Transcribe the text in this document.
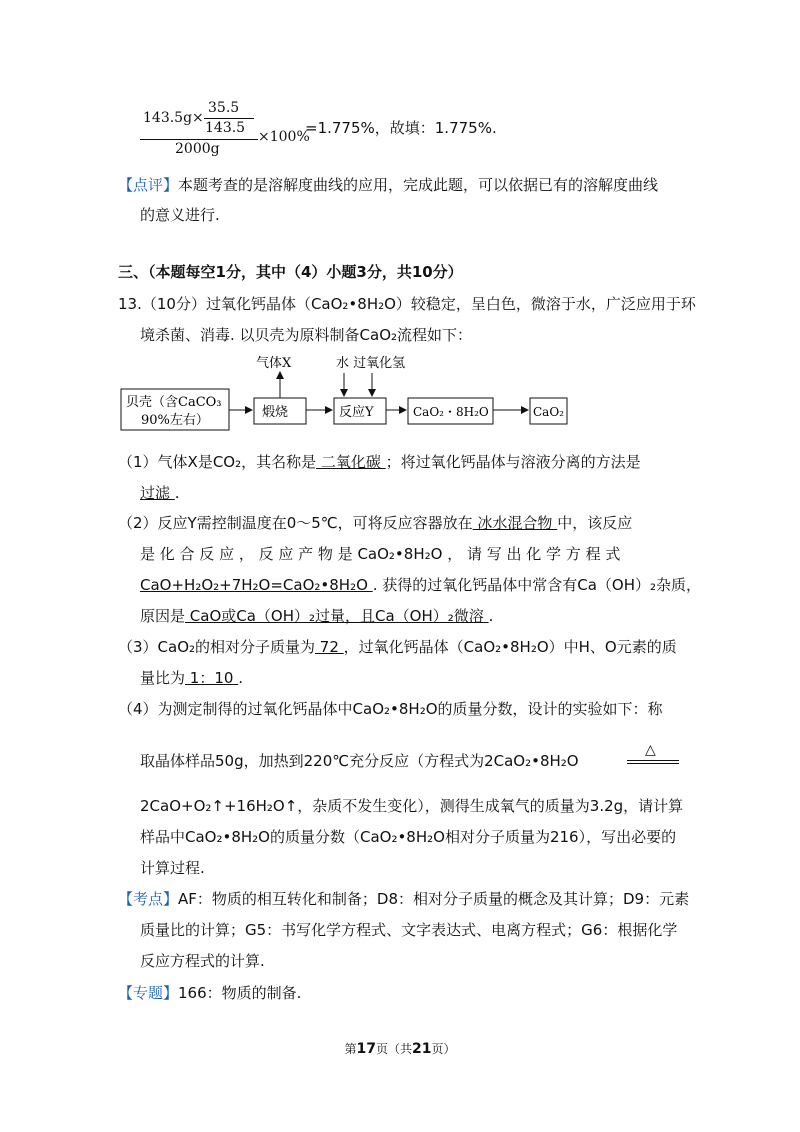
143.5g×
35.5
143.5
2000g
×100%
=1.775%，故填：1.775%.
【点评】本题考查的是溶解度曲线的应用，完成此题，可以依据已有的溶解度曲线
的意义进行.
三、（本题每空1分，其中（4）小题3分，共10分）
13.（10分）过氧化钙晶体（CaO₂•8H₂O）较稳定，呈白色，微溶于水，广泛应用于环
境杀菌、消毒. 以贝壳为原料制备CaO₂流程如下：
贝壳（含CaCO₃
90%左右）
煅烧
气体X
反应Y
水 过氧化氢
CaO₂・8H₂O	CaO₂
（1）气体X是CO₂，其名称是 二氧化碳 ；将过氧化钙晶体与溶液分离的方法是
过滤 .
（2）反应Y需控制温度在0～5℃，可将反应容器放在 冰水混合物 中，该反应
是 化 合 反 应 ， 反 应 产 物 是 CaO₂•8H₂O ， 请 写 出 化 学 方 程 式
CaO+H₂O₂+7H₂O=CaO₂•8H₂O . 获得的过氧化钙晶体中常含有Ca（OH）₂杂质，
原因是 CaO或Ca（OH）₂过量，且Ca（OH）₂微溶 .
（3）CaO₂的相对分子质量为 72 ，过氧化钙晶体（CaO₂•8H₂O）中H、O元素的质
量比为 1：10 .
（4）为测定制得的过氧化钙晶体中CaO₂•8H₂O的质量分数，设计的实验如下：称
取晶体样品50g，加热到220℃充分反应（方程式为2CaO₂•8H₂O
△
2CaO+O₂↑+16H₂O↑，杂质不发生变化），测得生成氧气的质量为3.2g，请计算
样品中CaO₂•8H₂O的质量分数（CaO₂•8H₂O相对分子质量为216），写出必要的
计算过程.
【考点】AF：物质的相互转化和制备；D8：相对分子质量的概念及其计算；D9：元素
质量比的计算；G5：书写化学方程式、文字表达式、电离方程式；G6：根据化学
反应方程式的计算.
【专题】166：物质的制备.
第17页（共21页）
